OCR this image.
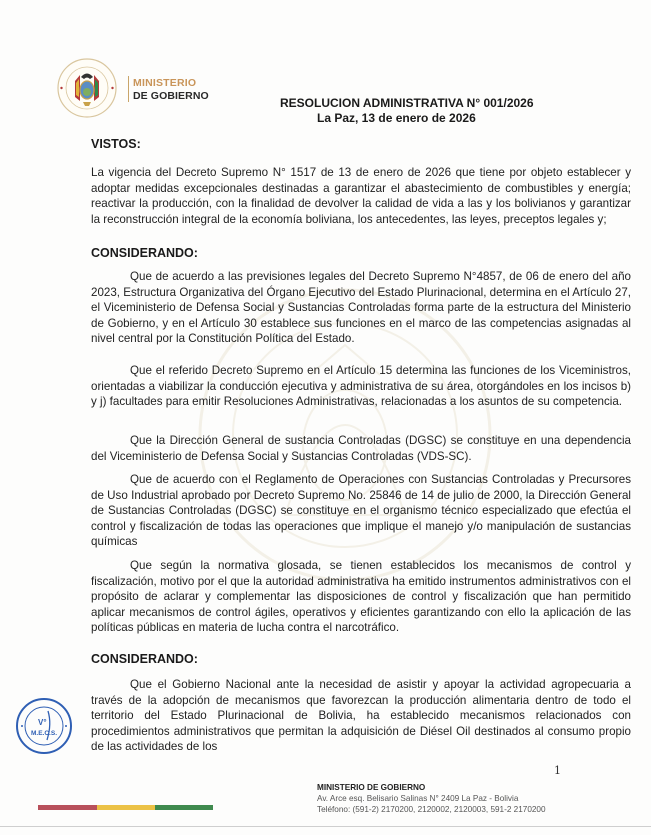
MINISTERIO
DE GOBIERNO	RESOLUCION ADMINISTRATIVA N° 001/2026
La Paz, 13 de enero de 2026
VISTOS:
La vigencia del Decreto Supremo N° 1517 de 13 de enero de 2026 que tiene por objeto establecer y adoptar medidas excepcionales destinadas a garantizar el abastecimiento de combustibles y energía; reactivar la producción, con la finalidad de devolver la calidad de vida a las y los bolivianos y garantizar la reconstrucción integral de la economía boliviana, los antecedentes, las leyes, preceptos legales y;
CONSIDERANDO:
Que de acuerdo a las previsiones legales del Decreto Supremo N°4857, de 06 de enero del año 2023, Estructura Organizativa del Órgano Ejecutivo del Estado Plurinacional, determina en el Artículo 27, el Viceministerio de Defensa Social y Sustancias Controladas forma parte de la estructura del Ministerio de Gobierno, y en el Artículo 30 establece sus funciones en el marco de las competencias asignadas al nivel central por la Constitución Política del Estado.
Que el referido Decreto Supremo en el Artículo 15 determina las funciones de los Viceministros, orientadas a viabilizar la conducción ejecutiva y administrativa de su área, otorgándoles en los incisos b) y j) facultades para emitir Resoluciones Administrativas, relacionadas a los asuntos de su competencia.
Que la Dirección General de sustancia Controladas (DGSC) se constituye en una dependencia del Viceministerio de Defensa Social y Sustancias Controladas (VDS-SC).
Que de acuerdo con el Reglamento de Operaciones con Sustancias Controladas y Precursores de Uso Industrial aprobado por Decreto Supremo No. 25846 de 14 de julio de 2000, la Dirección General de Sustancias Controladas (DGSC) se constituye en el organismo técnico especializado que efectúa el control y fiscalización de todas las operaciones que implique el manejo y/o manipulación de sustancias químicas
Que según la normativa glosada, se tienen establecidos los mecanismos de control y fiscalización, motivo por el que la autoridad administrativa ha emitido instrumentos administrativos con el propósito de aclarar y complementar las disposiciones de control y fiscalización que han permitido aplicar mecanismos de control ágiles, operativos y eficientes garantizando con ello la aplicación de las políticas públicas en materia de lucha contra el narcotráfico.
CONSIDERANDO:
Que el Gobierno Nacional ante la necesidad de asistir y apoyar la actividad agropecuaria a través de la adopción de mecanismos que favorezcan la producción alimentaria dentro de todo el territorio del Estado Plurinacional de Bolivia, ha establecido mecanismos relacionados con procedimientos administrativos que permitan la adquisición de Diésel Oil destinados al consumo propio de las actividades de los
V°
M.E.C.S.
1
MINISTERIO DE GOBIERNO
Av. Arce esq. Belisario Salinas N° 2409 La Paz - Bolivia
Teléfono: (591-2) 2170200, 2120002, 2120003, 591-2 2170200
